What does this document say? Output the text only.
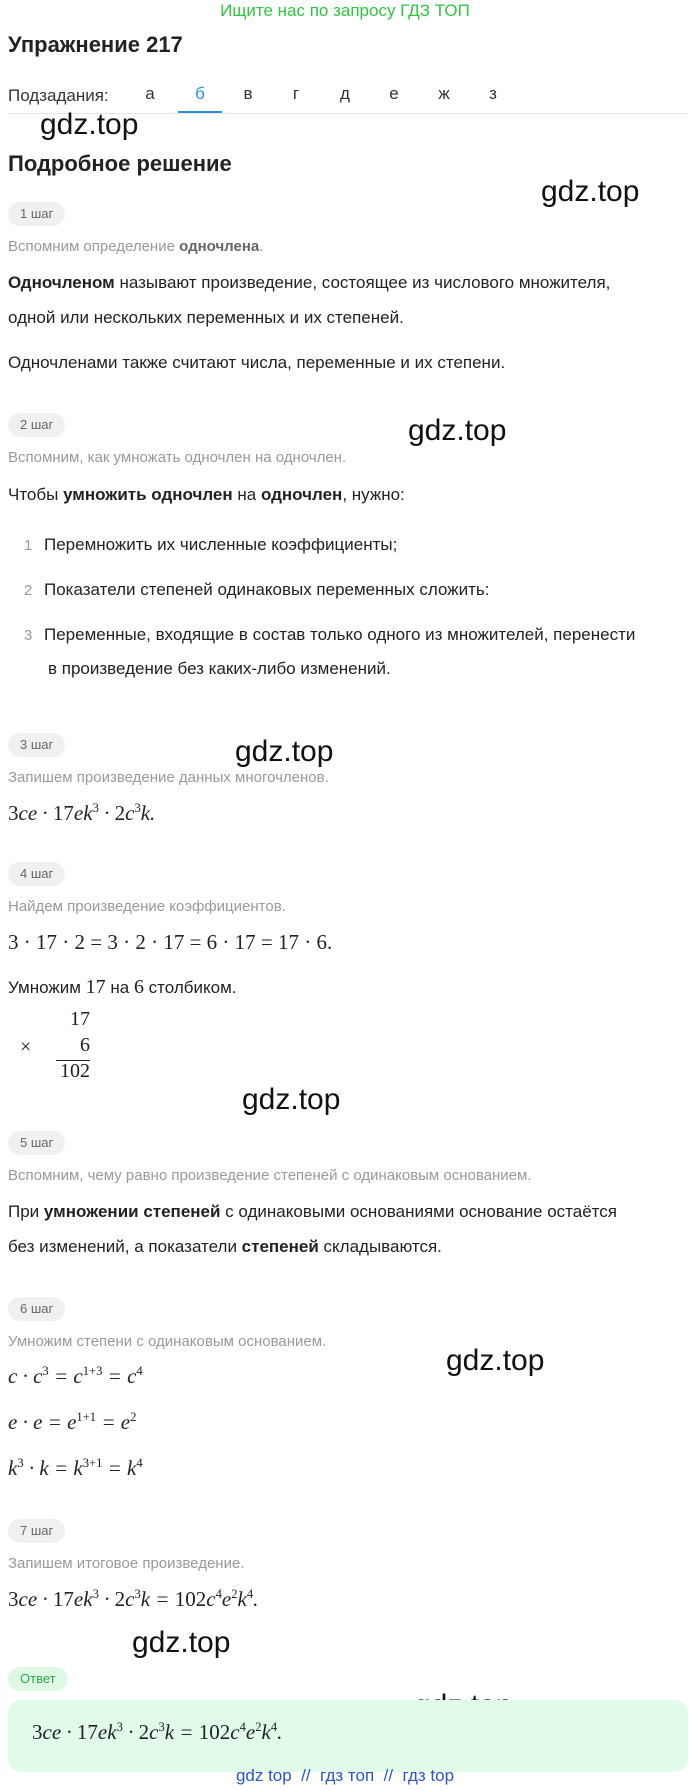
Ищите нас по запросу ГДЗ ТОП
Упражнение 217
Подзадания:	а	б	в	г	д	е	ж	з
gdz.top
gdz.top
gdz.top
gdz.top
gdz.top
gdz.top
gdz.top
Подробное решение
1 шаг
Вспомним определение одночлена.
Одночленом называют произведение, состоящее из числового множителя,
одной или нескольких переменных и их степеней.
Одночленами также считают числа, переменные и их степени.
2 шаг
Вспомним, как умножать одночлен на одночлен.
Чтобы умножить одночлен на одночлен, нужно:
1 Перемножить их численные коэффициенты;
2 Показатели степеней одинаковых переменных сложить:
3 Переменные, входящие в состав только одного из множителей, перенести
в произведение без каких-либо изменений.
3 шаг
Запишем произведение данных многочленов.
$3ce \cdot 17ek^3 \cdot 2c^3k$.
4 шаг
Найдем произведение коэффициентов.
3 · 17 · 2 = 3 · 2 · 17 = 6 · 17 = 17 · 6.
Умножим 17 на 6 столбиком.
×
17
6
102
5 шаг
Вспомним, чему равно произведение степеней с одинаковым основанием.
При умножении степеней с одинаковыми основаниями основание остаётся
без изменений, а показатели степеней складываются.
6 шаг
Умножим степени с одинаковым основанием.
$c \cdot c^3 = c^{1+3} = c^4$
$e \cdot e = e^{1+1} = e^2$
$k^3 \cdot k = k^{3+1} = k^4$
7 шаг
Запишем итоговое произведение.
$3ce \cdot 17ek^3 \cdot 2c^3k = 102c^4e^2k^4$.
Ответ
$3ce \cdot 17ek^3 \cdot 2c^3k = 102c^4e^2k^4$.
gdz top  //  гдз топ  //  гдз top
